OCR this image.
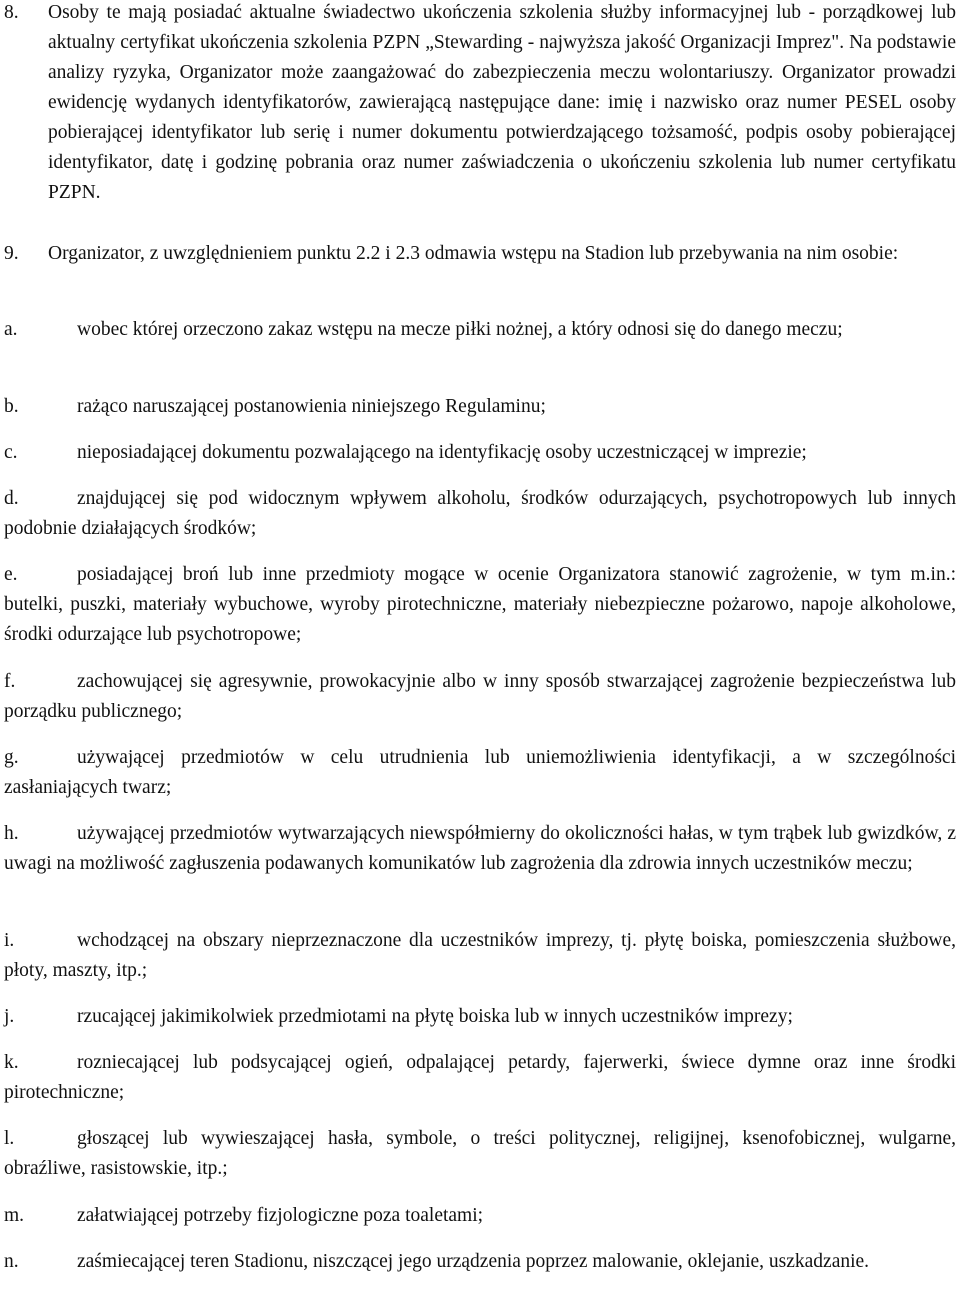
8.	Osoby te mają posiadać aktualne świadectwo ukończenia szkolenia służby informacyjnej lub - porządkowej lub aktualny certyfikat ukończenia szkolenia PZPN „Stewarding - najwyższa jakość Organizacji Imprez". Na podstawie analizy ryzyka, Organizator może zaangażować do zabezpieczenia meczu wolontariuszy. Organizator prowadzi ewidencję wydanych identyfikatorów, zawierającą następujące dane: imię i nazwisko oraz numer PESEL osoby pobierającej identyfikator lub serię i numer dokumentu potwierdzającego tożsamość, podpis osoby pobierającej identyfikator, datę i godzinę pobrania oraz numer zaświadczenia o ukończeniu szkolenia lub numer certyfikatu PZPN.
9.	Organizator, z uwzględnieniem punktu 2.2 i 2.3 odmawia wstępu na Stadion lub przebywania na nim osobie:
a.	wobec której orzeczono zakaz wstępu na mecze piłki nożnej, a który odnosi się do danego meczu;
b.	rażąco naruszającej postanowienia niniejszego Regulaminu;
c.	nieposiadającej dokumentu pozwalającego na identyfikację osoby uczestniczącej w imprezie;
d.	znajdującej się pod widocznym wpływem alkoholu, środków odurzających, psychotropowych lub innych podobnie działających środków;
e.	posiadającej broń lub inne przedmioty mogące w ocenie Organizatora stanowić zagrożenie, w tym m.in.: butelki, puszki, materiały wybuchowe, wyroby pirotechniczne, materiały niebezpieczne pożarowo, napoje alkoholowe, środki odurzające lub psychotropowe;
f.	zachowującej się agresywnie, prowokacyjnie albo w inny sposób stwarzającej zagrożenie bezpieczeństwa lub porządku publicznego;
g.	używającej przedmiotów w celu utrudnienia lub uniemożliwienia identyfikacji, a w szczególności zasłaniających twarz;
h.	używającej przedmiotów wytwarzających niewspółmierny do okoliczności hałas, w tym trąbek lub gwizdków, z uwagi na możliwość zagłuszenia podawanych komunikatów lub zagrożenia dla zdrowia innych uczestników meczu;
i.	wchodzącej na obszary nieprzeznaczone dla uczestników imprezy, tj. płytę boiska, pomieszczenia służbowe, płoty, maszty, itp.;
j.	rzucającej jakimikolwiek przedmiotami na płytę boiska lub w innych uczestników imprezy;
k.	rozniecającej lub podsycającej ogień, odpalającej petardy, fajerwerki, świece dymne oraz inne środki pirotechniczne;
l.	głoszącej lub wywieszającej hasła, symbole, o treści politycznej, religijnej, ksenofobicznej, wulgarne, obraźliwe, rasistowskie, itp.;
m.	załatwiającej potrzeby fizjologiczne poza toaletami;
n.	zaśmiecającej teren Stadionu, niszczącej jego urządzenia poprzez malowanie, oklejanie, uszkadzanie.
